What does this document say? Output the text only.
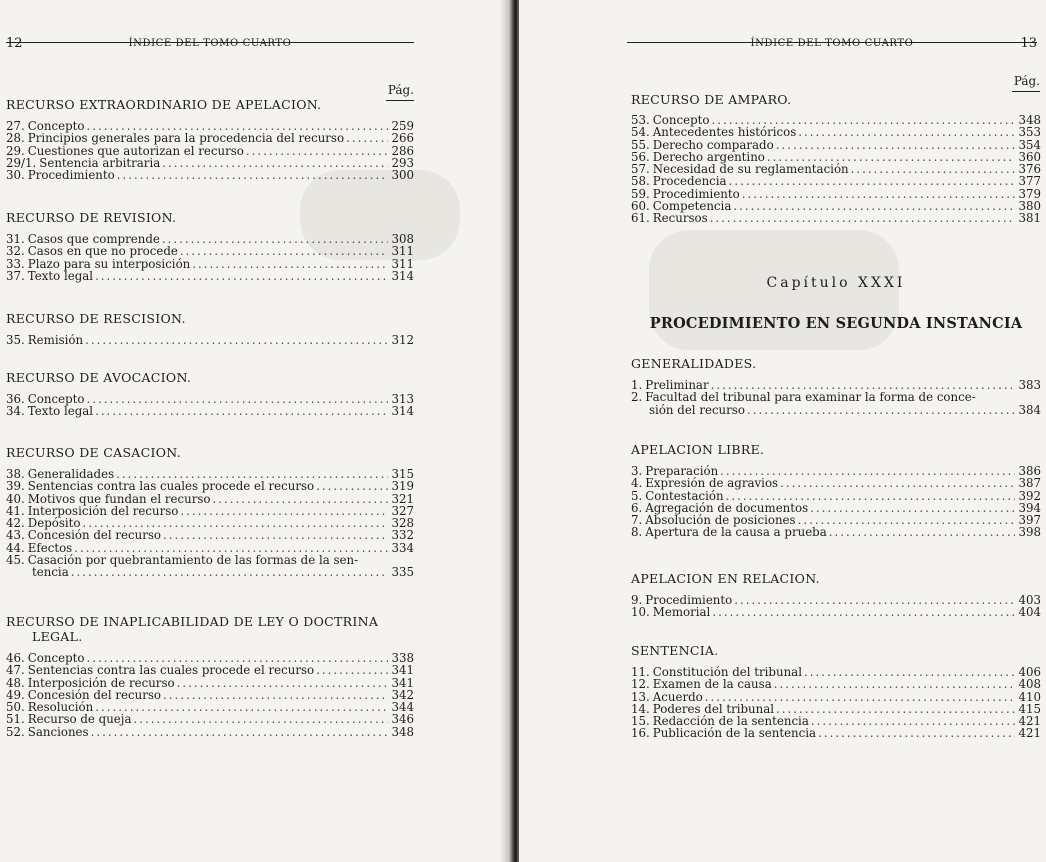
12	ÍNDICE DEL TOMO CUARTO
Pág.
RECURSO EXTRAORDINARIO DE APELACION.
27. Concepto .....	259
28. Principios generales para la procedencia del recurso .....	266
29. Cuestiones que autorizan el recurso .....	286
29/1. Sentencia arbitraria .....	293
30. Procedimiento .....	300
RECURSO DE REVISION.
31. Casos que comprende .....	308
32. Casos en que no procede .....	311
33. Plazo para su interposición .....	311
37. Texto legal .....	314
RECURSO DE RESCISION.
35. Remisión .....	312
RECURSO DE AVOCACION.
36. Concepto .....	313
34. Texto legal .....	314
RECURSO DE CASACION.
38. Generalidades .....	315
39. Sentencias contra las cuales procede el recurso .....	319
40. Motivos que fundan el recurso .....	321
41. Interposición del recurso .....	327
42. Depósito .....	328
43. Concesión del recurso .....	332
44. Efectos .....	334
45. Casación por quebrantamiento de las formas de la sen-
tencia .....	335
RECURSO DE INAPLICABILIDAD DE LEY O DOCTRINA
LEGAL.
46. Concepto .....	338
47. Sentencias contra las cuales procede el recurso .....	341
48. Interposición de recurso .....	341
49. Concesión del recurso .....	342
50. Resolución .....	344
51. Recurso de queja .....	346
52. Sanciones .....	348
ÍNDICE DEL TOMO CUARTO	13
Pág.
RECURSO DE AMPARO.
53. Concepto .....	348
54. Antecedentes históricos .....	353
55. Derecho comparado .....	354
56. Derecho argentino .....	360
57. Necesidad de su reglamentación .....	376
58. Procedencia .....	377
59. Procedimiento .....	379
60. Competencia .....	380
61. Recursos .....	381
Capítulo XXXI
PROCEDIMIENTO EN SEGUNDA INSTANCIA
GENERALIDADES.
1. Preliminar .....	383
2. Facultad del tribunal para examinar la forma de conce-
sión del recurso .....	384
APELACION LIBRE.
3. Preparación .....	386
4. Expresión de agravios .....	387
5. Contestación .....	392
6. Agregación de documentos .....	394
7. Absolución de posiciones .....	397
8. Apertura de la causa a prueba .....	398
APELACION EN RELACION.
9. Procedimiento .....	403
10. Memorial .....	404
SENTENCIA.
11. Constitución del tribunal .....	406
12. Examen de la causa .....	408
13. Acuerdo .....	410
14. Poderes del tribunal .....	415
15. Redacción de la sentencia .....	421
16. Publicación de la sentencia .....	421
